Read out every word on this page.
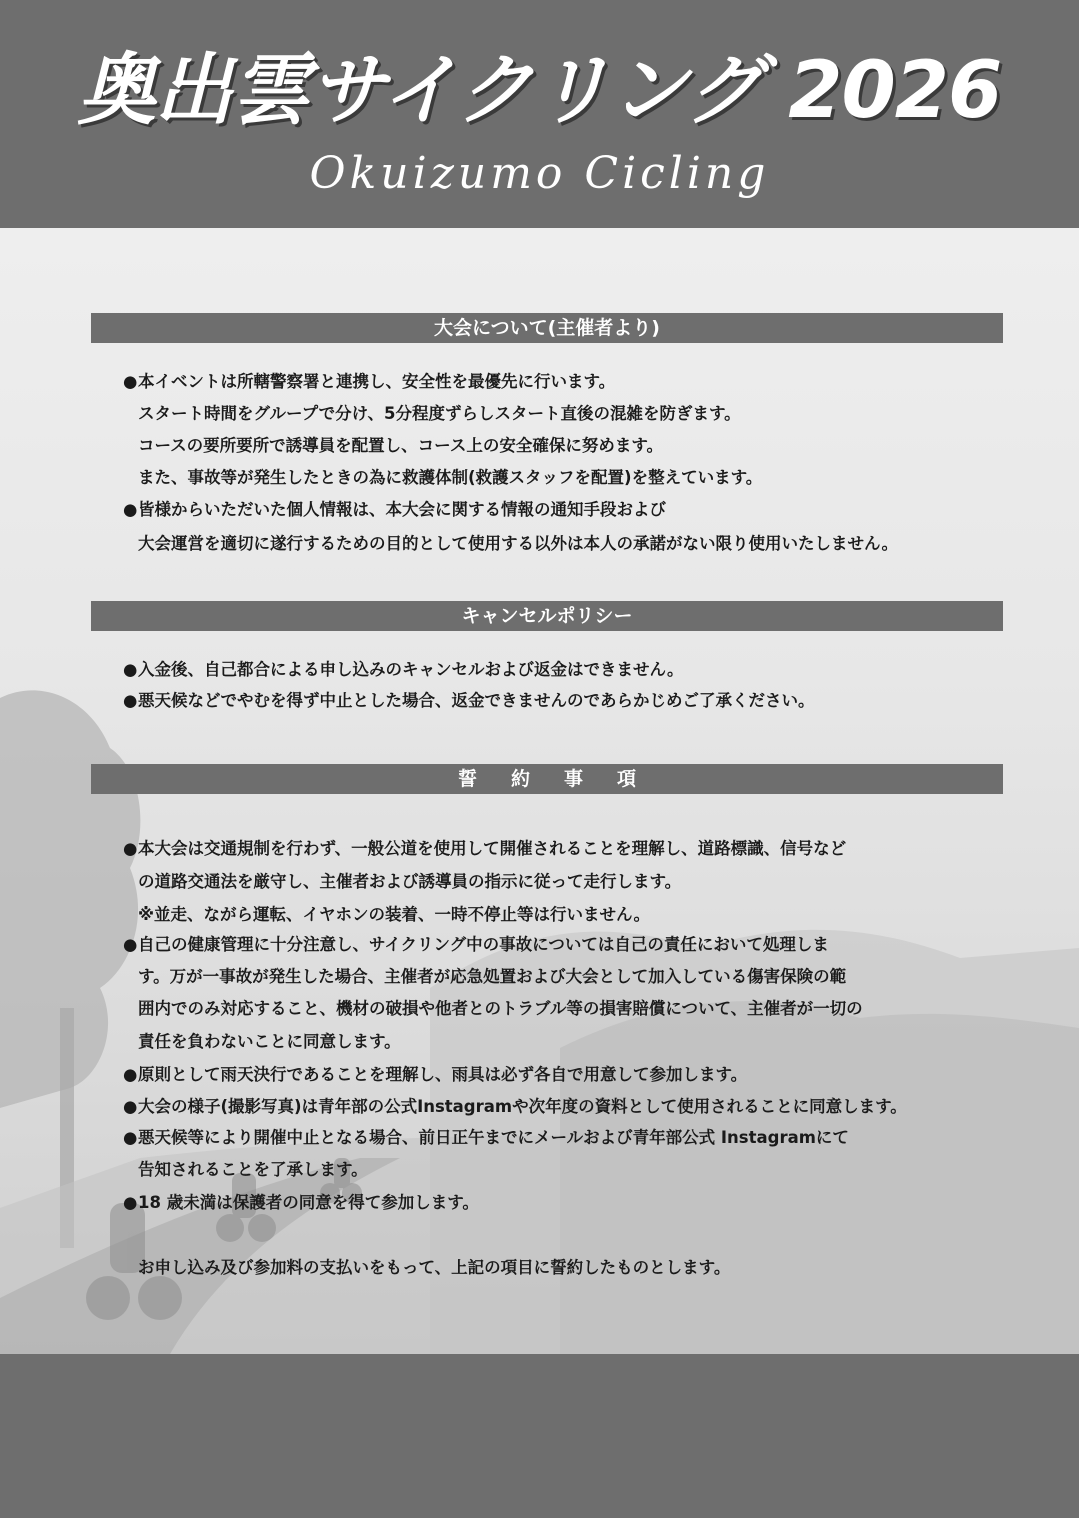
奥出雲サイクリング 2026
Okuizumo Cicling
大会について(主催者より)
●本イベントは所轄警察署と連携し、安全性を最優先に行います。
スタート時間をグループで分け、5分程度ずらしスタート直後の混雑を防ぎます。
コースの要所要所で誘導員を配置し、コース上の安全確保に努めます。
また、事故等が発生したときの為に救護体制(救護スタッフを配置)を整えています。
●皆様からいただいた個人情報は、本大会に関する情報の通知手段および
大会運営を適切に遂行するための目的として使用する以外は本人の承諾がない限り使用いたしません。
キャンセルポリシー
●入金後、自己都合による申し込みのキャンセルおよび返金はできません。
●悪天候などでやむを得ず中止とした場合、返金できませんのであらかじめご了承ください。
誓約事項
●本大会は交通規制を行わず、一般公道を使用して開催されることを理解し、道路標識、信号など
の道路交通法を厳守し、主催者および誘導員の指示に従って走行します。
※並走、ながら運転、イヤホンの装着、一時不停止等は行いません。
●自己の健康管理に十分注意し、サイクリング中の事故については自己の責任において処理しま
す。万が一事故が発生した場合、主催者が応急処置および大会として加入している傷害保険の範
囲内でのみ対応すること、機材の破損や他者とのトラブル等の損害賠償について、主催者が一切の
責任を負わないことに同意します。
●原則として雨天決行であることを理解し、雨具は必ず各自で用意して参加します。
●大会の様子(撮影写真)は青年部の公式Instagramや次年度の資料として使用されることに同意します。
●悪天候等により開催中止となる場合、前日正午までにメールおよび青年部公式 Instagramにて
告知されることを了承します。
●18 歳未満は保護者の同意を得て参加します。
お申し込み及び参加料の支払いをもって、上記の項目に誓約したものとします。
